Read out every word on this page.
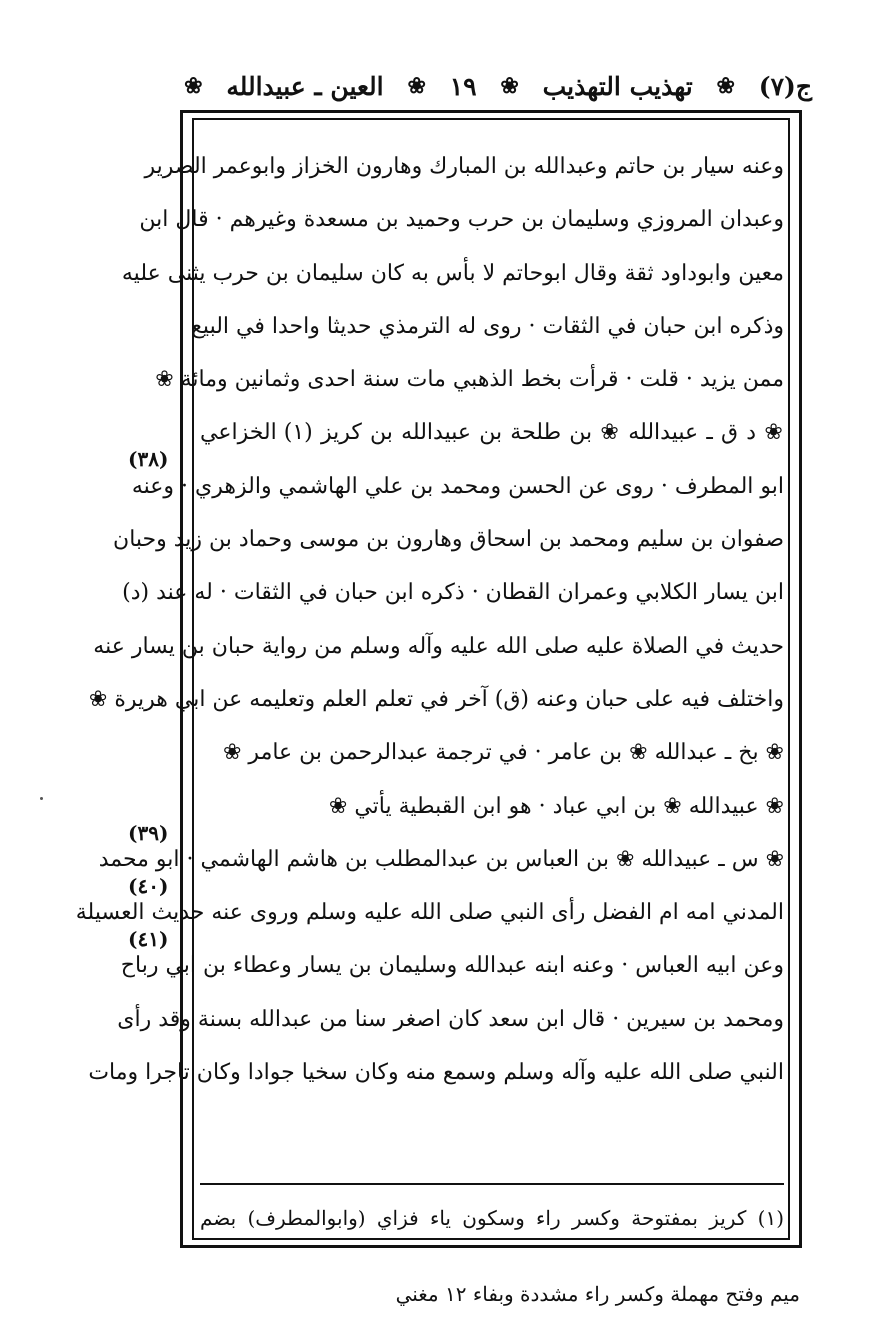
ج(٧)
❀
تهذيب التهذيب
❀
١٩
❀
العين ـ عبيدالله
❀
وعنه سيار بن حاتم وعبدالله بن المبارك وهارون الخزاز وابوعمر الضرير
وعبدان المروزي وسليمان بن حرب وحميد بن مسعدة وغيرهم · قال ابن
معين وابوداود ثقة وقال ابوحاتم لا بأس به كان سليمان بن حرب يثنى عليه
وذكره ابن حبان في الثقات · روى له الترمذي حديثا واحدا في البيع
ممن يزيد · قلت · قرأت بخط الذهبي مات سنة احدى وثمانين ومائة ❀
❀ د ق ـ عبيدالله ❀ بن طلحة بن عبيدالله بن كريز (١) الخزاعي
ابو المطرف · روى عن الحسن ومحمد بن علي الهاشمي والزهري · وعنه
صفوان بن سليم ومحمد بن اسحاق وهارون بن موسى وحماد بن زيد وحبان
ابن يسار الكلابي وعمران القطان · ذكره ابن حبان في الثقات · له عند (د)
حديث في الصلاة عليه صلى الله عليه وآله وسلم من رواية حبان بن يسار عنه
واختلف فيه على حبان وعنه (ق) آخر في تعلم العلم وتعليمه عن ابي هريرة ❀
❀ بخ ـ عبدالله ❀ بن عامر · في ترجمة عبدالرحمن بن عامر ❀
❀ عبيدالله ❀ بن ابي عباد · هو ابن القبطية يأتي ❀
❀ س ـ عبيدالله ❀ بن العباس بن عبدالمطلب بن هاشم الهاشمي · ابو محمد
المدني امه ام الفضل رأى النبي صلى الله عليه وسلم وروى عنه حديث العسيلة
وعن ابيه العباس · وعنه ابنه عبدالله وسليمان بن يسار وعطاء بن ابي رباح
ومحمد بن سيرين · قال ابن سعد كان اصغر سنا من عبدالله بسنة وقد رأى
النبي صلى الله عليه وآله وسلم وسمع منه وكان سخيا جوادا وكان تاجرا ومات
(٣٨)
(٣٩)
(٤٠)
(٤١)
(١) كريز بمفتوحة وكسر راء وسكون ياء فزاي (وابوالمطرف) بضم
ميم وفتح مهملة وكسر راء مشددة وبفاء ١٢ مغني
